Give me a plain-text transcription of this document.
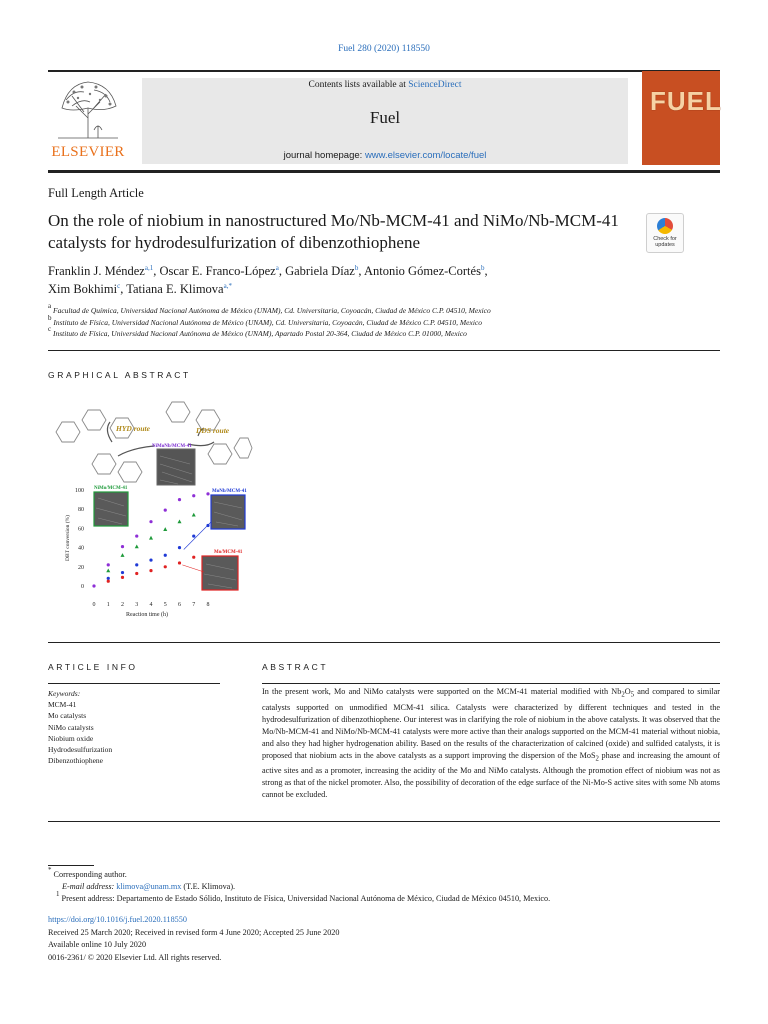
Fuel 280 (2020) 118550
ELSEVIER
Contents lists available at ScienceDirect
Fuel
journal homepage: www.elsevier.com/locate/fuel
FUEL
Full Length Article
On the role of niobium in nanostructured Mo/Nb-MCM-41 and NiMo/Nb-MCM-41 catalysts for hydrodesulfurization of dibenzothiophene	Check for updates
Franklin J. Méndez$^{a,1}$, Oscar E. Franco-López$^a$, Gabriela Díaz$^b$, Antonio Gómez-Cortés$^b$,
Xim Bokhimi$^c$, Tatiana E. Klimova$^{a,*}$
$^a$ Facultad de Química, Universidad Nacional Autónoma de México (UNAM), Cd. Universitaria, Coyoacán, Ciudad de México C.P. 04510, Mexico
$^b$ Instituto de Física, Universidad Nacional Autónoma de México (UNAM), Cd. Universitaria, Coyoacán, Ciudad de México C.P. 04510, Mexico
$^c$ Instituto de Física, Universidad Nacional Autónoma de México (UNAM), Apartado Postal 20-364, Ciudad de México C.P. 01000, Mexico
GRAPHICAL ABSTRACT
HYD route	DDS route
NiMoNb/MCM-41
NiMo/MCM-41
MoNb/MCM-41
Mo/MCM-41
0
20
40
60
80
100
0 1 2 3 4 5 6 7 8
Reaction time (h)
DBT conversion (%)
ARTICLE INFO
Keywords:
MCM-41
Mo catalysts
NiMo catalysts
Niobium oxide
Hydrodesulfurization
Dibenzothiophene
ABSTRACT
In the present work, Mo and NiMo catalysts were supported on the MCM-41 material modified with $Nb_2O_5$ and compared to similar catalysts supported on unmodified MCM-41 silica. Catalysts were characterized by different techniques and tested in the hydrodesulfurization of dibenzothiophene. Our interest was in clarifying the role of niobium in the above catalysts. It was observed that the Mo/Nb-MCM-41 and NiMo/Nb-MCM-41 catalysts were more active than their analogs supported on the MCM-41 material without niobia, and also they had higher hydrogenation ability. Based on the results of the characterization of calcined (oxide) and sulfided catalysts, it is proposed that niobium acts in the above catalysts as a support improving the dispersion of the MoS$_2$ phase and increasing the amount of active sites and as a promoter, increasing the acidity of the Mo and NiMo catalysts. Although the promotion effect of niobium was not as strong as that of the nickel promoter. Also, the possibility of decoration of the edge surface of the Ni-Mo-S active sites with some Nb atoms cannot be excluded.
* Corresponding author.
E-mail address: klimova@unam.mx (T.E. Klimova).
$^1$ Present address: Departamento de Estado Sólido, Instituto de Física, Universidad Nacional Autónoma de México, Ciudad de México 04510, Mexico.
https://doi.org/10.1016/j.fuel.2020.118550
Received 25 March 2020; Received in revised form 4 June 2020; Accepted 25 June 2020
Available online 10 July 2020
0016-2361/ © 2020 Elsevier Ltd. All rights reserved.
